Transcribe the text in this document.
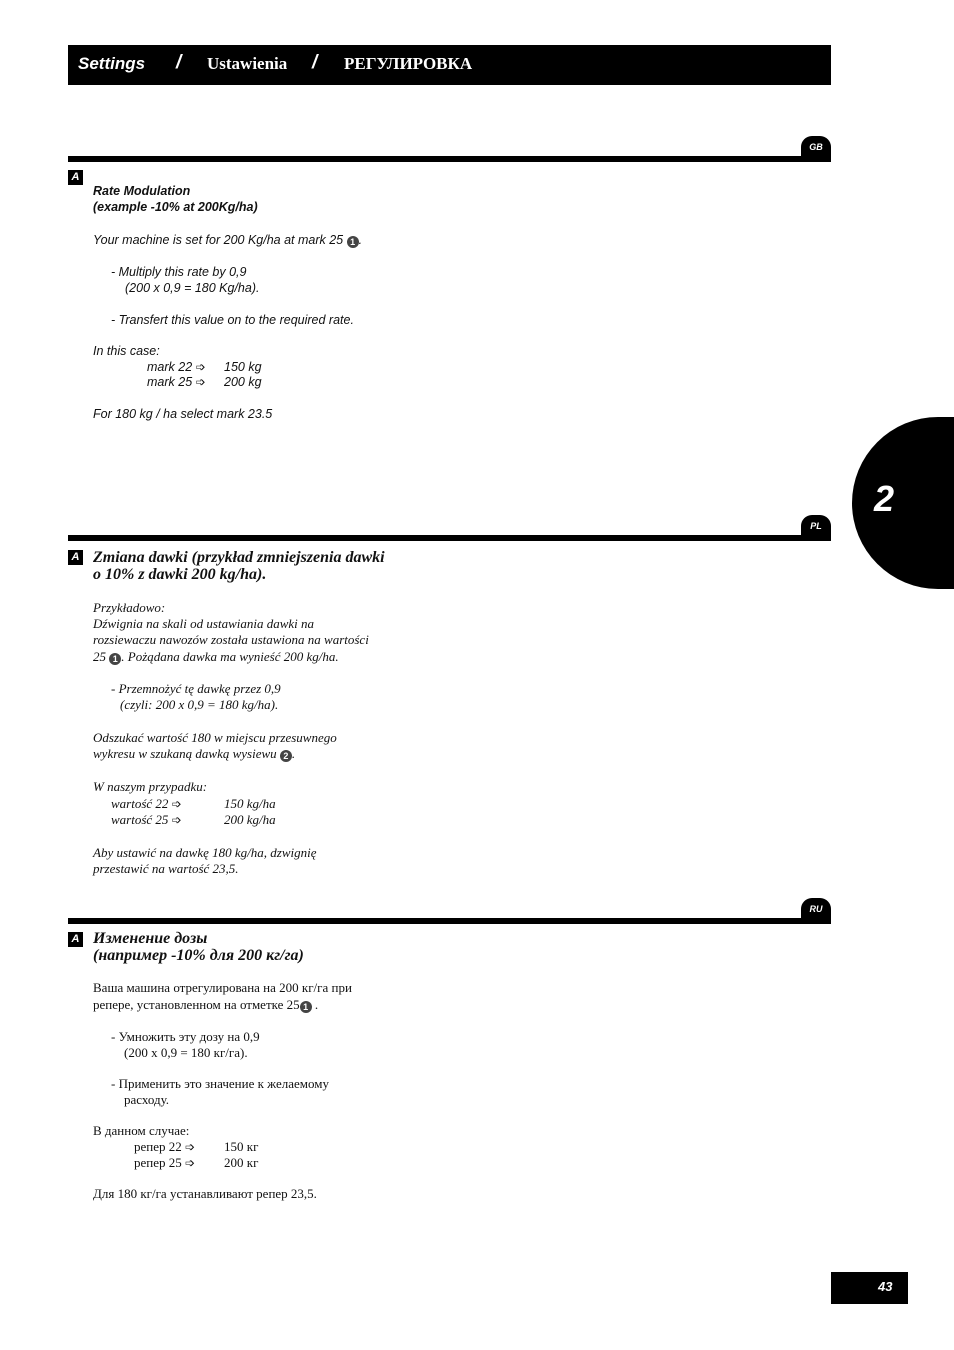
Settings / Ustawienia / РЕГУЛИРОВКА
2
GB
A
Rate Modulation
(example -10% at 200Kg/ha)
Your machine is set for 200 Kg/ha at mark 25 1 .
- Multiply this rate by 0,9
(200 x 0,9 = 180 Kg/ha).
- Transfert this value on to the required rate.
In this case:
mark 22 ➩ 150 kg
mark 25 ➩ 200 kg
For 180 kg / ha select mark 23.5
PL
A Zmiana dawki (przykład zmniejszenia dawki
o 10% z dawki 200 kg/ha).
Przykładowo:
Dźwignia na skali od ustawiania dawki na
rozsiewaczu nawozów została ustawiona na wartości
25 1 . Pożądana dawka ma wynieść 200 kg/ha.
- Przemnożyć tę dawkę przez 0,9
(czyli: 200 x 0,9 = 180 kg/ha).
Odszukać wartość 180 w miejscu przesuwnego
wykresu w szukaną dawką wysiewu 2 .
W naszym przypadku:
wartość 22 ➩	150 kg/ha
wartość 25 ➩	200 kg/ha
Aby ustawić na dawkę 180 kg/ha, dzwignię
przestawić na wartość 23,5.
RU
A Изменение дозы
(например -10% для 200 кг/га)
Ваша машина отрегулирована на 200 кг/га при
репере, установленном на отметке 25 1 .
- Умножить эту дозу на 0,9
(200 x 0,9 = 180 кг/га).
- Применить это значение к желаемому
расходу.
В данном случае:
репер 22 ➩ 150 кг
репер 25 ➩ 200 кг
Для 180 кг/га устанавливают репер 23,5.
43
